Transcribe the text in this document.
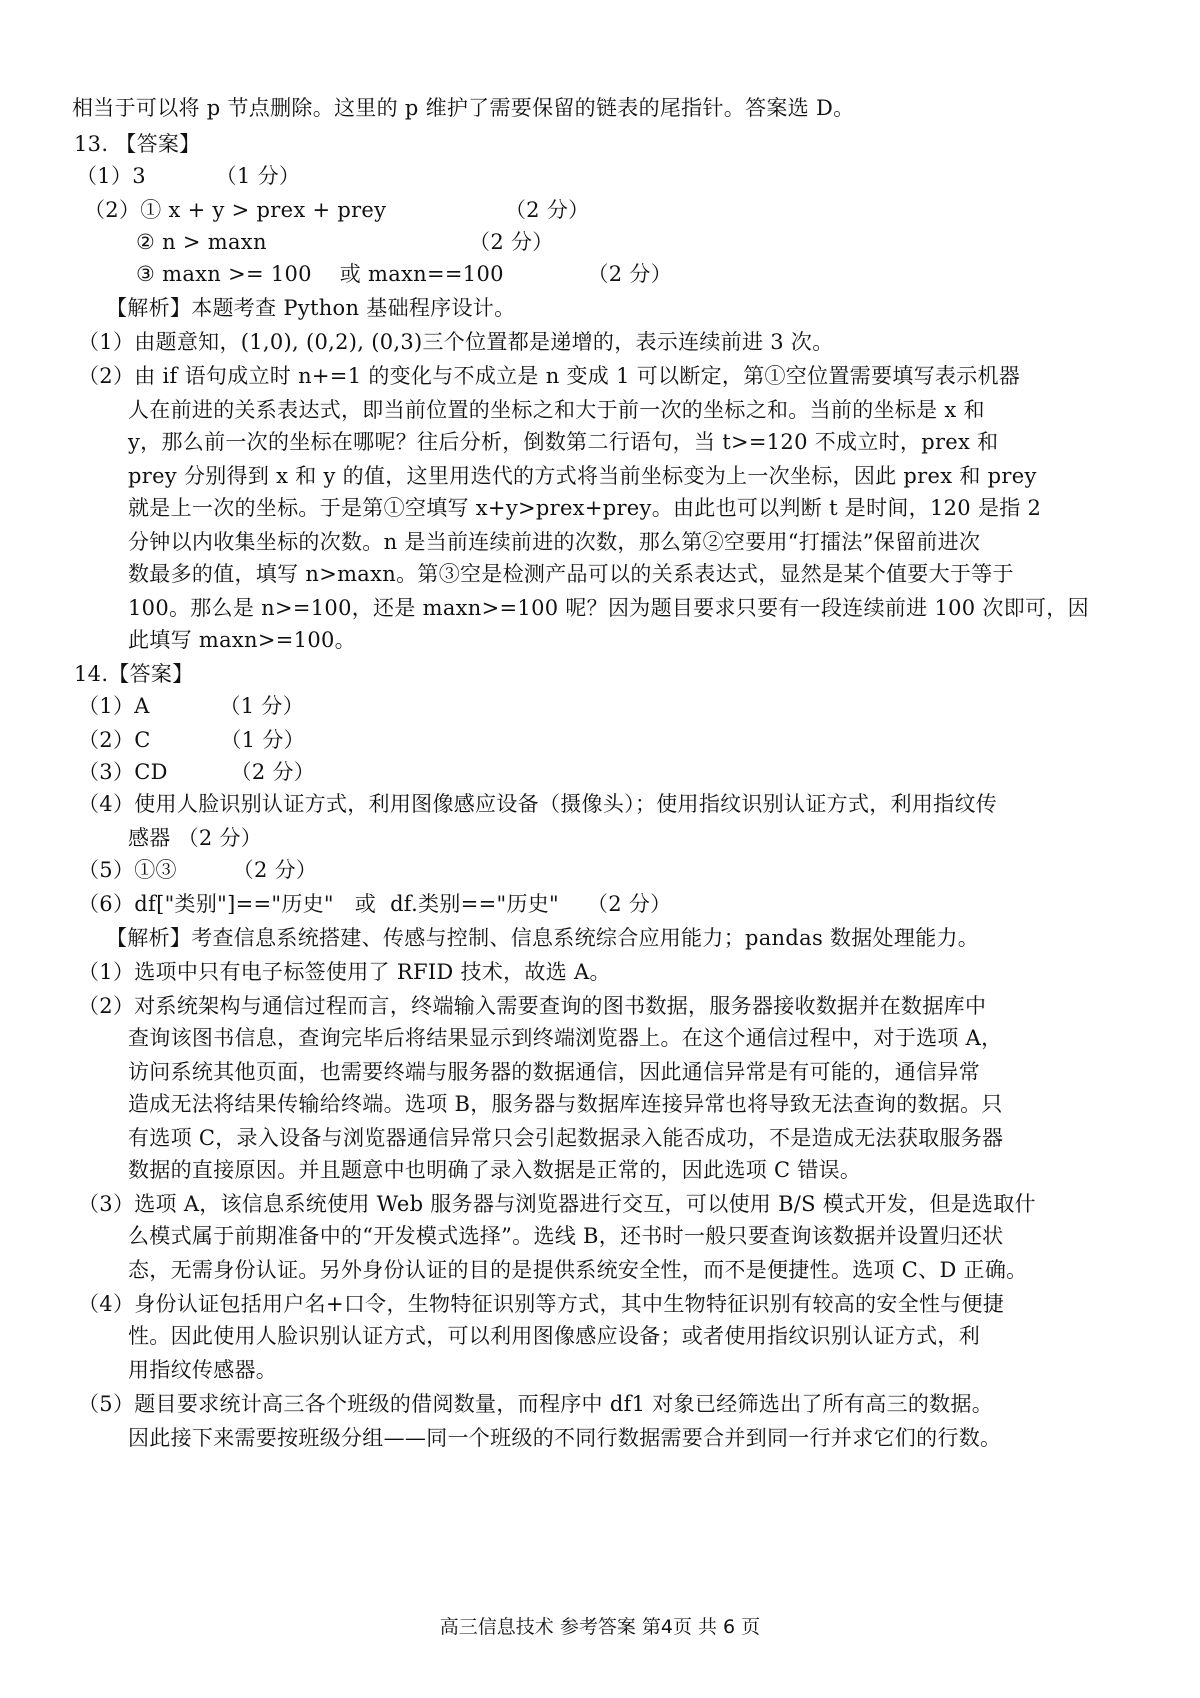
相当于可以将 p 节点删除。这里的 p 维护了需要保留的链表的尾指针。答案选 D。
13. 【答案】
（1）3          （1 分）
（2）① x + y > prex + prey                 （2 分）
② n > maxn                             （2 分）
③ maxn >= 100    或 maxn==100            （2 分）
【解析】本题考查 Python 基础程序设计。
（1）由题意知，(1,0), (0,2), (0,3)三个位置都是递增的，表示连续前进 3 次。
（2）由 if 语句成立时 n+=1 的变化与不成立是 n 变成 1 可以断定，第①空位置需要填写表示机器
人在前进的关系表达式，即当前位置的坐标之和大于前一次的坐标之和。当前的坐标是 x 和
y，那么前一次的坐标在哪呢？往后分析，倒数第二行语句，当 t>=120 不成立时，prex 和
prey 分别得到 x 和 y 的值，这里用迭代的方式将当前坐标变为上一次坐标，因此 prex 和 prey
就是上一次的坐标。于是第①空填写 x+y>prex+prey。由此也可以判断 t 是时间，120 是指 2
分钟以内收集坐标的次数。n 是当前连续前进的次数，那么第②空要用“打擂法”保留前进次
数最多的值，填写 n>maxn。第③空是检测产品可以的关系表达式，显然是某个值要大于等于
100。那么是 n>=100，还是 maxn>=100 呢？因为题目要求只要有一段连续前进 100 次即可，因
此填写 maxn>=100。
14.【答案】
（1）A          （1 分）
（2）C          （1 分）
（3）CD         （2 分）
（4）使用人脸识别认证方式，利用图像感应设备（摄像头）；使用指纹识别认证方式，利用指纹传
感器 （2 分）
（5）①③        （2 分）
（6）df["类别"]=="历史"   或  df.类别=="历史"    （2 分）
【解析】考查信息系统搭建、传感与控制、信息系统综合应用能力；pandas 数据处理能力。
（1）选项中只有电子标签使用了 RFID 技术，故选 A。
（2）对系统架构与通信过程而言，终端输入需要查询的图书数据，服务器接收数据并在数据库中
查询该图书信息，查询完毕后将结果显示到终端浏览器上。在这个通信过程中，对于选项 A，
访问系统其他页面，也需要终端与服务器的数据通信，因此通信异常是有可能的，通信异常
造成无法将结果传输给终端。选项 B，服务器与数据库连接异常也将导致无法查询的数据。只
有选项 C，录入设备与浏览器通信异常只会引起数据录入能否成功，不是造成无法获取服务器
数据的直接原因。并且题意中也明确了录入数据是正常的，因此选项 C 错误。
（3）选项 A，该信息系统使用 Web 服务器与浏览器进行交互，可以使用 B/S 模式开发，但是选取什
么模式属于前期准备中的“开发模式选择”。选线 B，还书时一般只要查询该数据并设置归还状
态，无需身份认证。另外身份认证的目的是提供系统安全性，而不是便捷性。选项 C、D 正确。
（4）身份认证包括用户名+口令，生物特征识别等方式，其中生物特征识别有较高的安全性与便捷
性。因此使用人脸识别认证方式，可以利用图像感应设备；或者使用指纹识别认证方式，利
用指纹传感器。
（5）题目要求统计高三各个班级的借阅数量，而程序中 df1 对象已经筛选出了所有高三的数据。
因此接下来需要按班级分组——同一个班级的不同行数据需要合并到同一行并求它们的行数。
高三信息技术 参考答案 第4页 共 6 页
